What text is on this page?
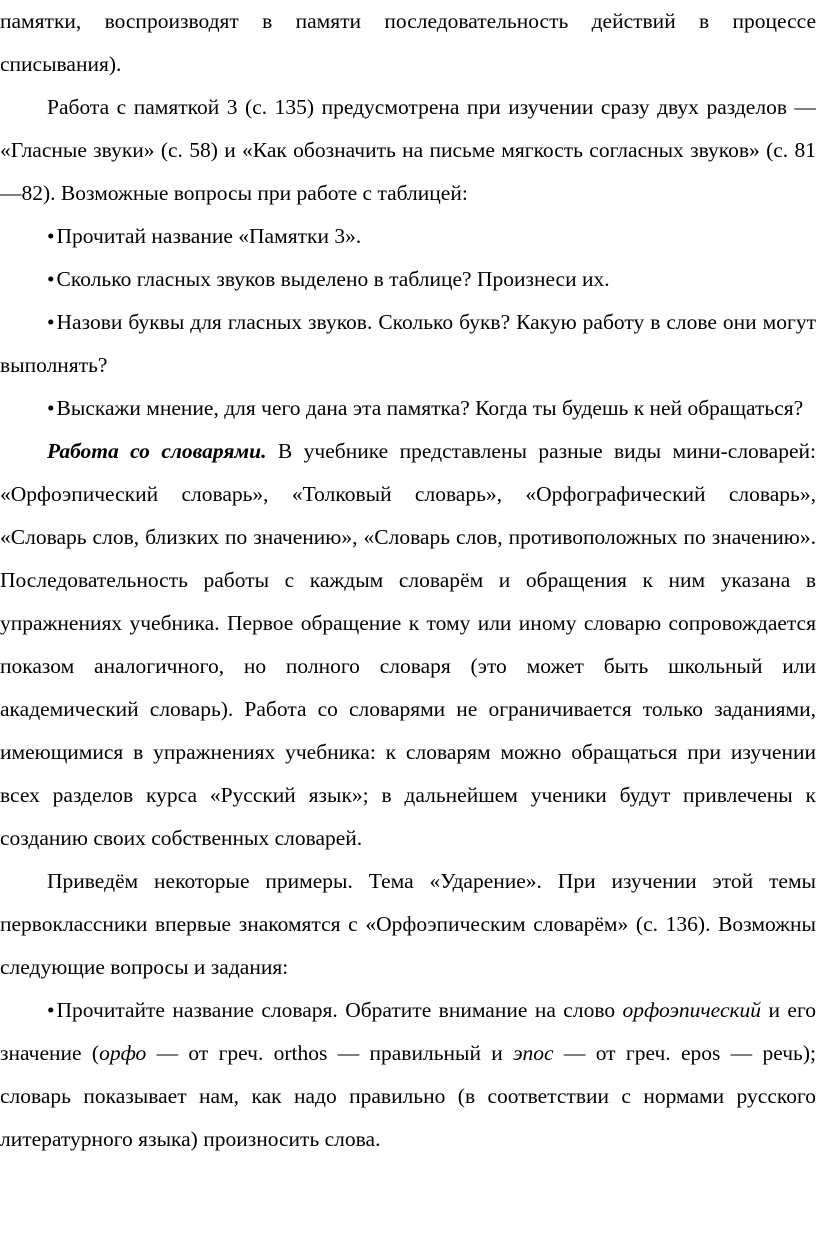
памятки, воспроизводят в памяти последовательность действий в процессе списывания).

Работа с памяткой 3 (с. 135) предусмотрена при изучении сразу двух разделов — «Гласные звуки» (с. 58) и «Как обозначить на письме мягкость согласных звуков» (с. 81—82). Возможные вопросы при работе с таблицей:

•Прочитай название «Памятки 3».

•Сколько гласных звуков выделено в таблице? Произнеси их.

•Назови буквы для гласных звуков. Сколько букв? Какую работу в слове они могут выполнять?

•Выскажи мнение, для чего дана эта памятка? Когда ты будешь к ней обращаться?

Работа со словарями. В учебнике представлены разные виды мини-словарей: «Орфоэпический словарь», «Толковый словарь», «Орфографический словарь», «Словарь слов, близких по значению», «Словарь слов, противоположных по значению». Последовательность работы с каждым словарём и обращения к ним указана в упражнениях учебника. Первое обращение к тому или иному словарю сопровождается показом аналогичного, но полного словаря (это может быть школьный или академический словарь). Работа со словарями не ограничивается только заданиями, имеющимися в упражнениях учебника: к словарям можно обращаться при изучении всех разделов курса «Русский язык»; в дальнейшем ученики будут привлечены к созданию своих собственных словарей.

Приведём некоторые примеры. Тема «Ударение». При изучении этой темы первоклассники впервые знакомятся с «Орфоэпическим словарём» (с. 136). Возможны следующие вопросы и задания:

•Прочитайте название словаря. Обратите внимание на слово орфоэпический и его значение (орфо — от греч. orthos — правильный и эпос — от греч. epos — речь); словарь показывает нам, как надо правильно (в соответствии с нормами русского литературного языка) произносить слова.
